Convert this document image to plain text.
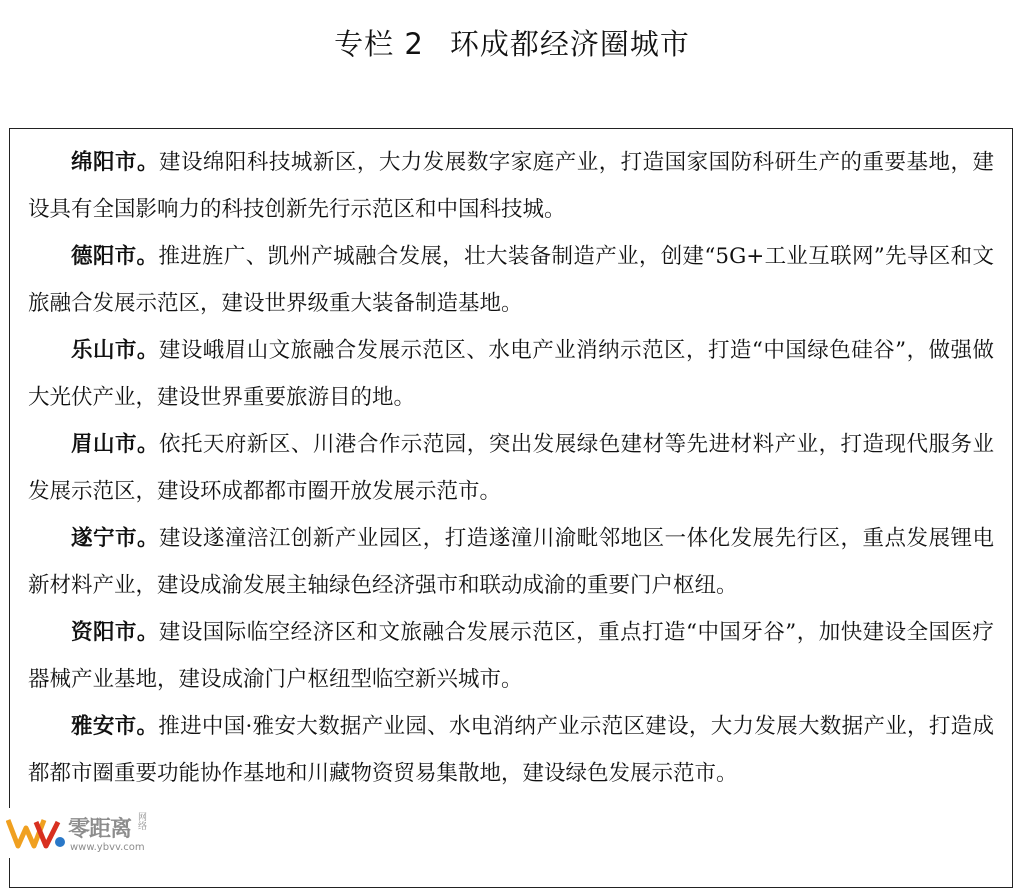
专栏 2 环成都经济圈城市

绵阳市。建设绵阳科技城新区，大力发展数字家庭产业，打造国家国防科研生产的重要基地，建设具有全国影响力的科技创新先行示范区和中国科技城。

德阳市。推进旌广、凯州产城融合发展，壮大装备制造产业，创建“5G+工业互联网”先导区和文旅融合发展示范区，建设世界级重大装备制造基地。

乐山市。建设峨眉山文旅融合发展示范区、水电产业消纳示范区，打造“中国绿色硅谷”，做强做大光伏产业，建设世界重要旅游目的地。

眉山市。依托天府新区、川港合作示范园，突出发展绿色建材等先进材料产业，打造现代服务业发展示范区，建设环成都都市圈开放发展示范市。

遂宁市。建设遂潼涪江创新产业园区，打造遂潼川渝毗邻地区一体化发展先行区，重点发展锂电新材料产业，建设成渝发展主轴绿色经济强市和联动成渝的重要门户枢纽。

资阳市。建设国际临空经济区和文旅融合发展示范区，重点打造“中国牙谷”，加快建设全国医疗器械产业基地，建设成渝门户枢纽型临空新兴城市。

雅安市。推进中国·雅安大数据产业园、水电消纳产业示范区建设，大力发展大数据产业，打造成都都市圈重要功能协作基地和川藏物资贸易集散地，建设绿色发展示范市。

零距离 网络
www.ybvv.com
